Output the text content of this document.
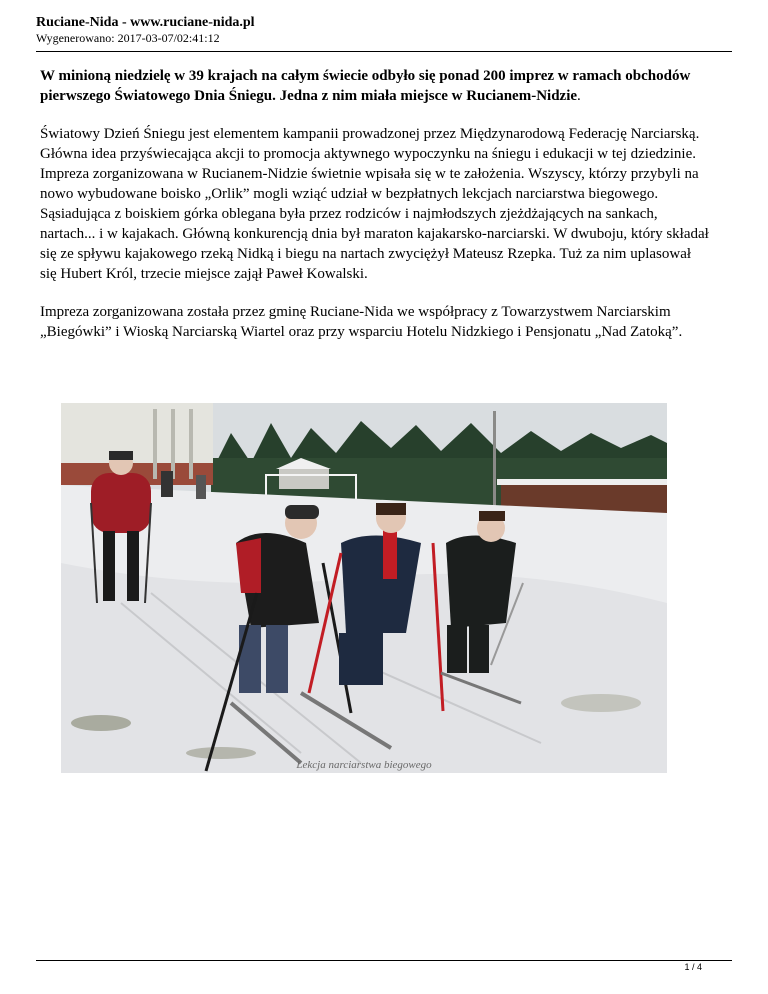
Ruciane-Nida - www.ruciane-nida.pl
Wygenerowano: 2017-03-07/02:41:12

W minioną niedzielę w 39 krajach na całym świecie odbyło się ponad 200 imprez w ramach obchodów pierwszego Światowego Dnia Śniegu. Jedna z nim miała miejsce w Rucianem-Nidzie.

Światowy Dzień Śniegu jest elementem kampanii prowadzonej przez Międzynarodową Federację Narciarską. Główna idea przyświecająca akcji to promocja aktywnego wypoczynku na śniegu i edukacji w tej dziedzinie. Impreza zorganizowana w Rucianem-Nidzie świetnie wpisała się w te założenia. Wszyscy, którzy przybyli na nowo wybudowane boisko „Orlik” mogli wziąć udział w bezpłatnych lekcjach narciarstwa biegowego. Sąsiadująca z boiskiem górka oblegana była przez rodziców i najmłodszych zjeżdżających na sankach, nartach... i w kajakach. Główną konkurencją dnia był maraton kajakarsko-narciarski. W dwuboju, który składał się ze spływu kajakowego rzeką Nidką i biegu na nartach zwyciężył Mateusz Rzepka. Tuż za nim uplasował się Hubert Król, trzecie miejsce zajął Paweł Kowalski.

Impreza zorganizowana została przez gminę Ruciane-Nida we współpracy z Towarzystwem Narciarskim „Biegówki” i Wioską Narciarską Wiartel oraz przy wsparciu Hotelu Nidzkiego i Pensjonatu „Nad Zatoką”.

Lekcja narciarstwa biegowego
1 / 4
